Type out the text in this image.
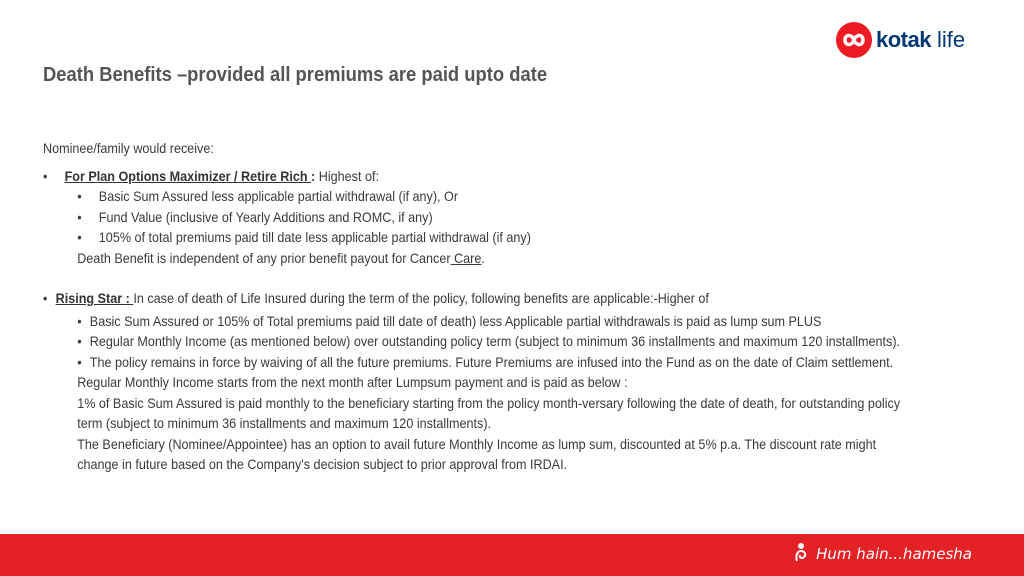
kotak life
Death Benefits –provided all premiums are paid upto date

Nominee/family would receive:

• For Plan Options Maximizer / Retire Rich : Highest of:

• Basic Sum Assured less applicable partial withdrawal (if any), Or

• Fund Value (inclusive of Yearly Additions and ROMC, if any)

• 105% of total premiums paid till date less applicable partial withdrawal (if any)

Death Benefit is independent of any prior benefit payout for Cancer Care.

• Rising Star : In case of death of Life Insured during the term of the policy, following benefits are applicable:-Higher of

• Basic Sum Assured or 105% of Total premiums paid till date of death) less Applicable partial withdrawals is paid as lump sum PLUS

• Regular Monthly Income (as mentioned below) over outstanding policy term (subject to minimum 36 installments and maximum 120 installments).

• The policy remains in force by waiving of all the future premiums. Future Premiums are infused into the Fund as on the date of Claim settlement.

Regular Monthly Income starts from the next month after Lumpsum payment and is paid as below :

1% of Basic Sum Assured is paid monthly to the beneficiary starting from the policy month-versary following the date of death, for outstanding policy term (subject to minimum 36 installments and maximum 120 installments).

The Beneficiary (Nominee/Appointee) has an option to avail future Monthly Income as lump sum, discounted at 5% p.a. The discount rate might change in future based on the Company's decision subject to prior approval from IRDAI.

Hum hain...hamesha
